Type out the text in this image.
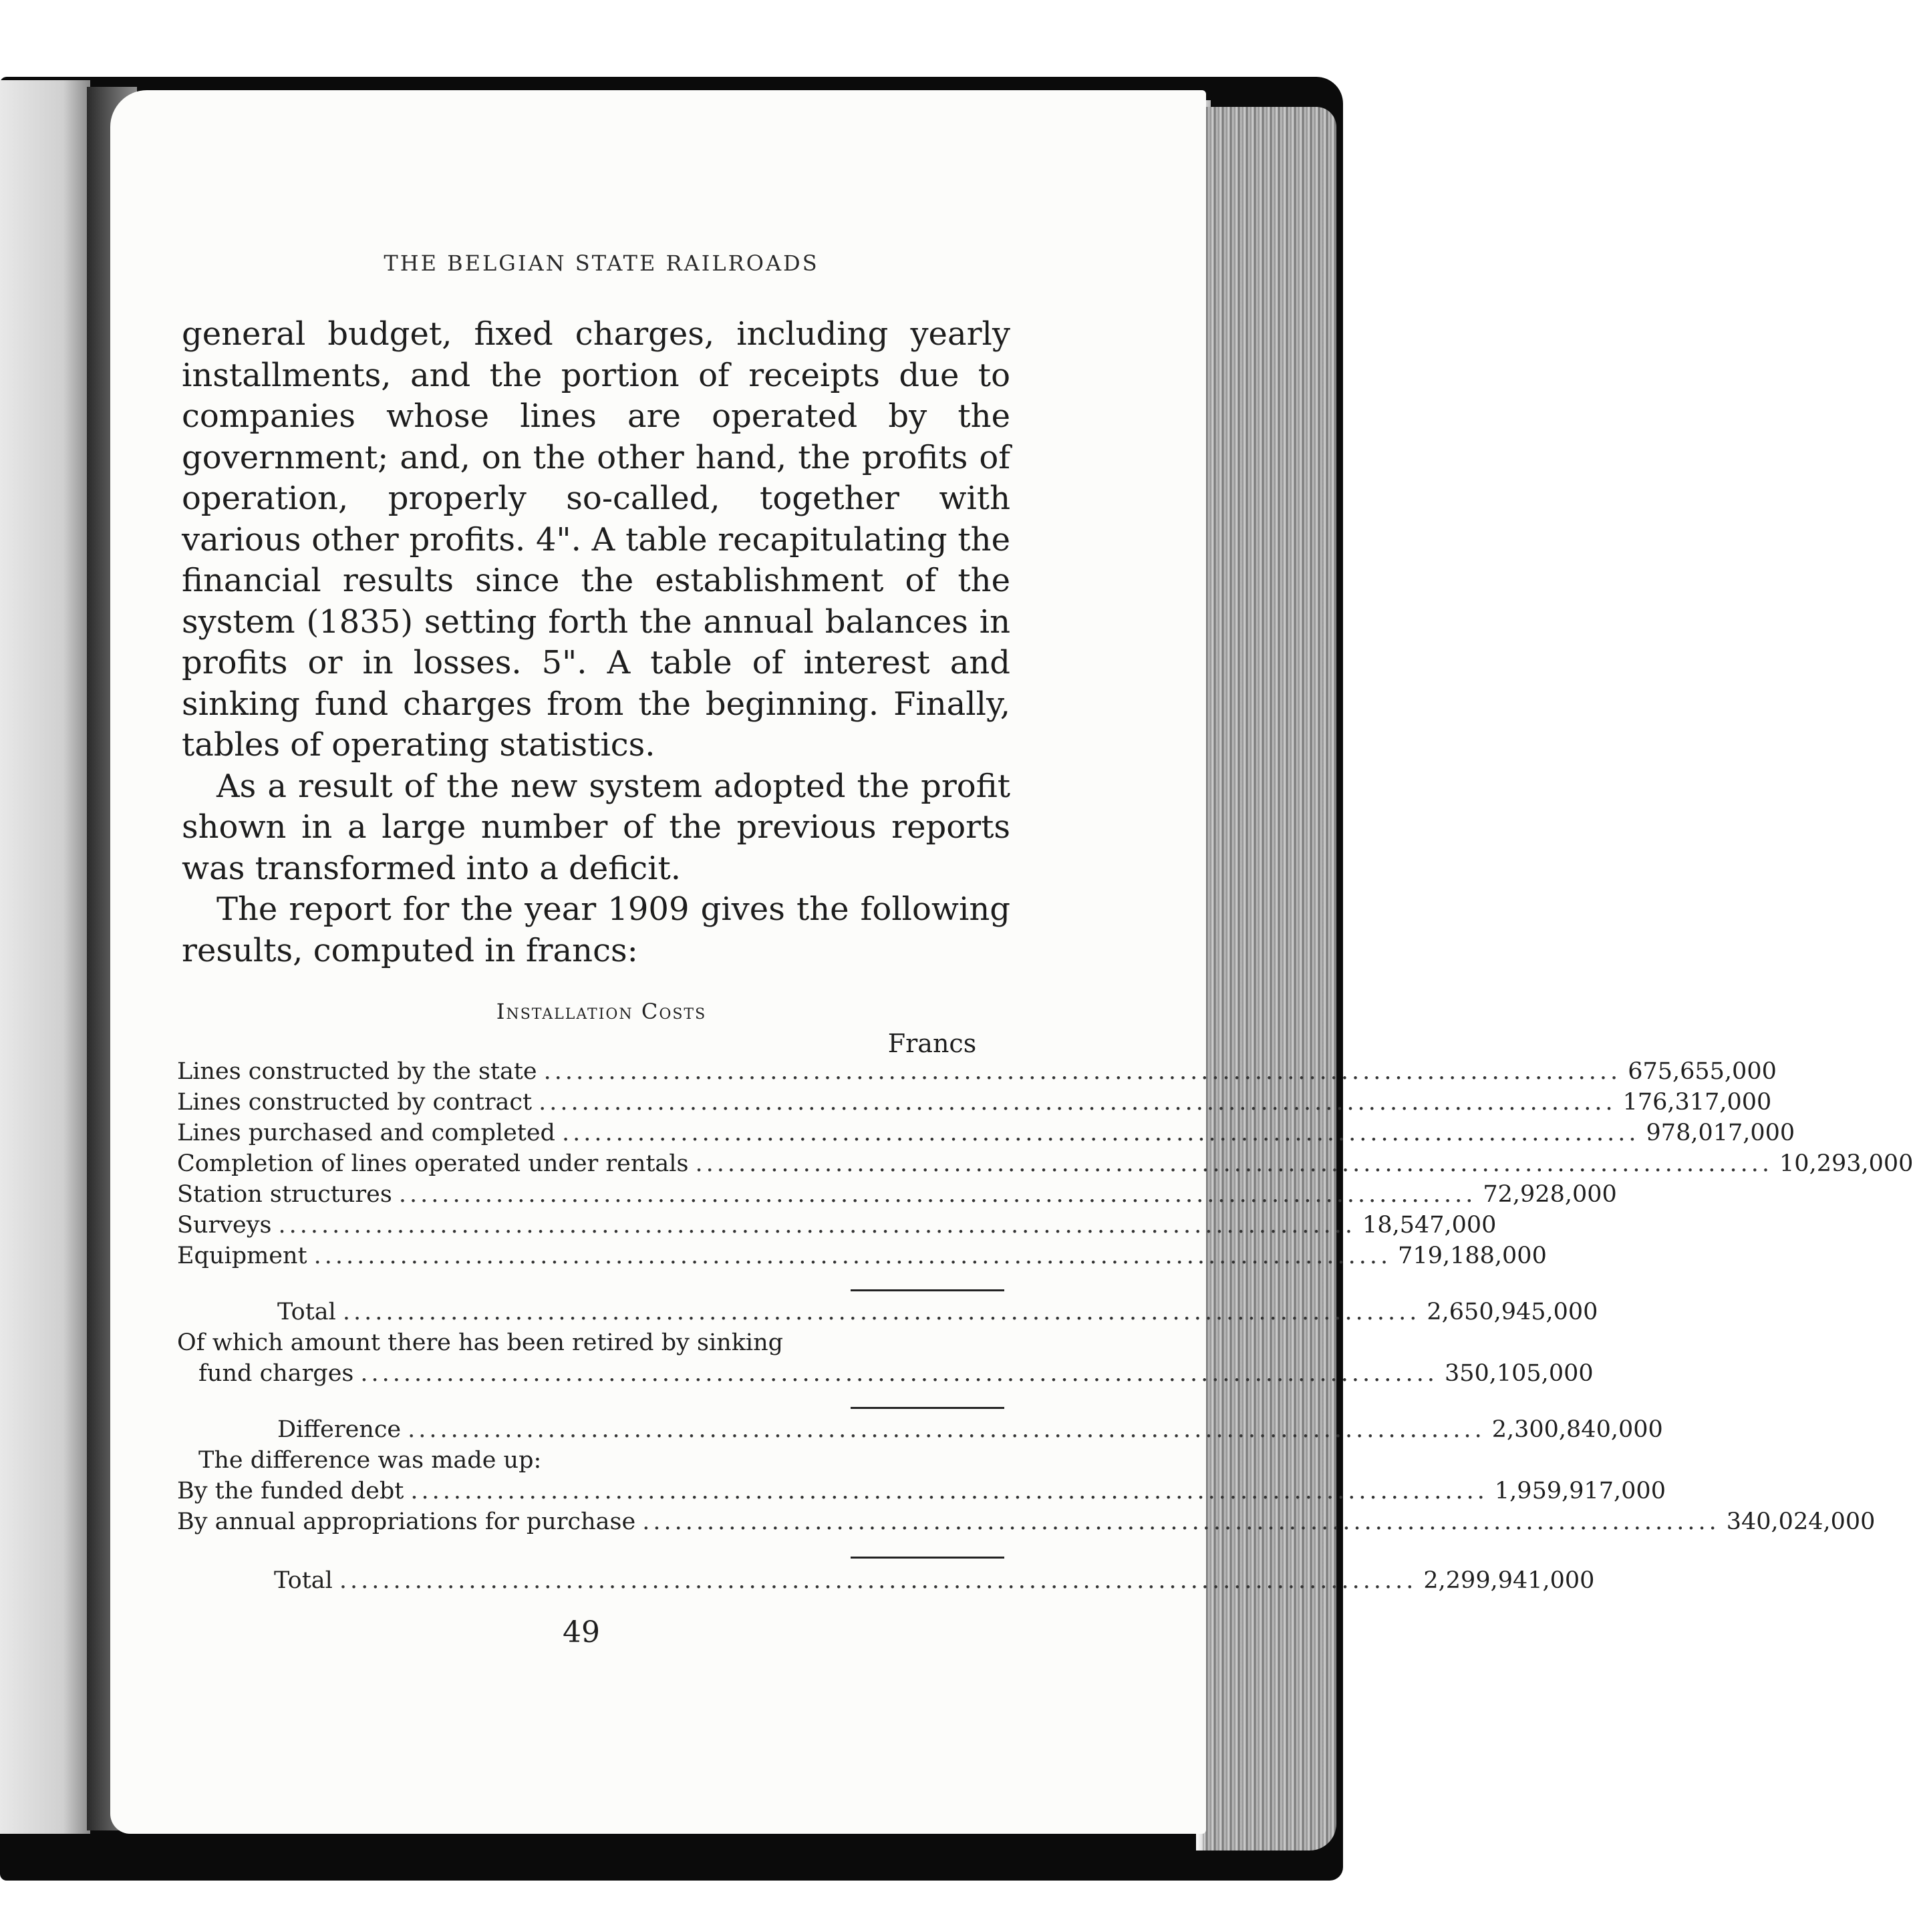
THE BELGIAN STATE RAILROADS

general budget, fixed charges, including yearly installments, and the portion of receipts due to companies whose lines are operated by the government; and, on the other hand, the profits of operation, properly so-called, together with various other profits. 4". A table recapitulating the financial results since the establishment of the system (1835) setting forth the annual balances in profits or in losses. 5". A table of interest and sinking fund charges from the beginning. Finally, tables of operating statistics.

As a result of the new system adopted the profit shown in a large number of the previous reports was transformed into a deficit.

The report for the year 1909 gives the following results, computed in francs:

Installation Costs
Francs
Lines constructed by the state .................................................................................................... 675,655,000
Lines constructed by contract .................................................................................................... 176,317,000
Lines purchased and completed .................................................................................................... 978,017,000
Completion of lines operated under rentals .................................................................................................... 10,293,000
Station structures .................................................................................................... 72,928,000
Surveys .................................................................................................... 18,547,000
Equipment .................................................................................................... 719,188,000
Total .................................................................................................... 2,650,945,000
Of which amount there has been retired by sinking
fund charges .................................................................................................... 350,105,000
Difference .................................................................................................... 2,300,840,000
The difference was made up:
By the funded debt .................................................................................................... 1,959,917,000
By annual appropriations for purchase .................................................................................................... 340,024,000
Total .................................................................................................... 2,299,941,000
49
